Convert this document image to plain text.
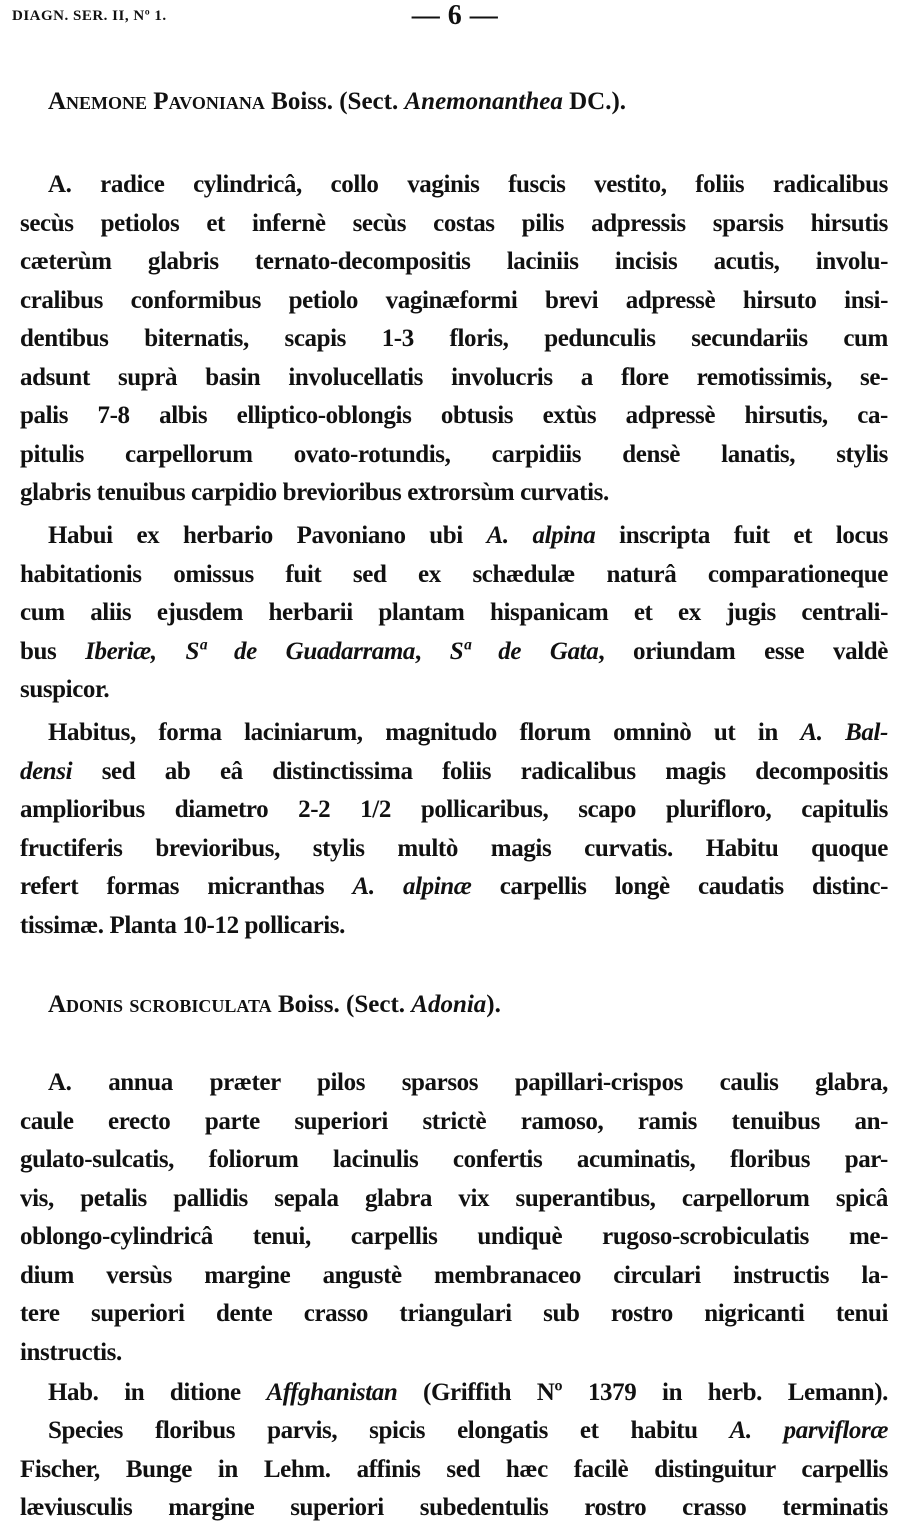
DIAGN. SER. II, Nº 1.	— 6 —
Anemone Pavoniana Boiss. (Sect. Anemonanthea DC.).
A. radice cylindricâ, collo vaginis fuscis vestito, foliis radicalibus
secùs petiolos et infernè secùs costas pilis adpressis sparsis hirsutis
cæterùm glabris ternato-decompositis laciniis incisis acutis, involu-
cralibus conformibus petiolo vaginæformi brevi adpressè hirsuto insi-
dentibus biternatis, scapis 1-3 floris, pedunculis secundariis cum
adsunt suprà basin involucellatis involucris a flore remotissimis, se-
palis 7-8 albis elliptico-oblongis obtusis extùs adpressè hirsutis, ca-
pitulis carpellorum ovato-rotundis, carpidiis densè lanatis, stylis
glabris tenuibus carpidio brevioribus extrorsùm curvatis.
Habui ex herbario Pavoniano ubi A. alpina inscripta fuit et locus
habitationis omissus fuit sed ex schædulæ naturâ comparationeque
cum aliis ejusdem herbarii plantam hispanicam et ex jugis centrali-
bus Iberiæ, Sª de Guadarrama, Sª de Gata, oriundam esse valdè
suspicor.
Habitus, forma laciniarum, magnitudo florum omninò ut in A. Bal-
densi sed ab eâ distinctissima foliis radicalibus magis decompositis
amplioribus diametro 2-2 1/2 pollicaribus, scapo plurifloro, capitulis
fructiferis brevioribus, stylis multò magis curvatis. Habitu quoque
refert formas micranthas A. alpinæ carpellis longè caudatis distinc-
tissimæ. Planta 10-12 pollicaris.
Adonis scrobiculata Boiss. (Sect. Adonia).
A. annua præter pilos sparsos papillari-crispos caulis glabra,
caule erecto parte superiori strictè ramoso, ramis tenuibus an-
gulato-sulcatis, foliorum lacinulis confertis acuminatis, floribus par-
vis, petalis pallidis sepala glabra vix superantibus, carpellorum spicâ
oblongo-cylindricâ tenui, carpellis undiquè rugoso-scrobiculatis me-
dium versùs margine angustè membranaceo circulari instructis la-
tere superiori dente crasso triangulari sub rostro nigricanti tenui
instructis.
Hab. in ditione Affghanistan (Griffith Nº 1379 in herb. Lemann).
Species floribus parvis, spicis elongatis et habitu A. parvifloræ
Fischer, Bunge in Lehm. affinis sed hæc facilè distinguitur carpellis
læviusculis margine superiori subedentulis rostro crasso terminatis
